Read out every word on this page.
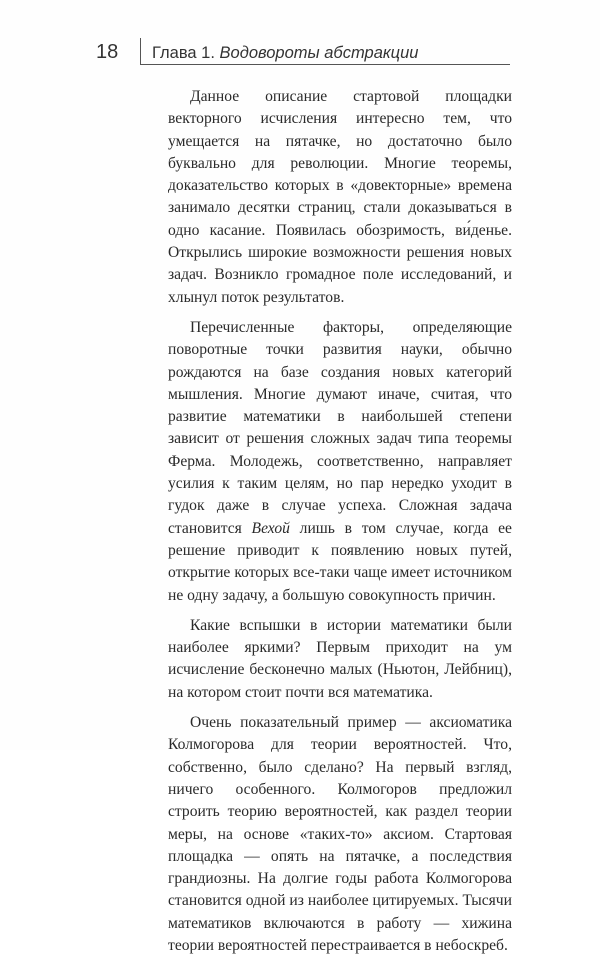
18 Глава 1. Водовороты абстракции

Данное описание стартовой площадки векторного исчисления интересно тем, что умещается на пятачке, но достаточно было буквально для революции. Многие теоремы, доказательство которых в «довекторные» времена занимало десятки страниц, стали доказываться в одно касание. Появилась обозримость, ви́денье. Открылись широкие возможности решения новых задач. Возникло громадное поле исследований, и хлынул поток результатов.

Перечисленные факторы, определяющие поворотные точки развития науки, обычно рождаются на базе создания новых категорий мышления. Многие думают иначе, считая, что развитие математики в наибольшей степени зависит от решения сложных задач типа теоремы Ферма. Молодежь, соответственно, направляет усилия к таким целям, но пар нередко уходит в гудок даже в случае успеха. Сложная задача становится Вехой лишь в том случае, когда ее решение приводит к появлению новых путей, открытие которых все-таки чаще имеет источником не одну задачу, а большую совокупность причин.

Какие вспышки в истории математики были наиболее яркими? Первым приходит на ум исчисление бесконечно малых (Ньютон, Лейбниц), на котором стоит почти вся математика.

Очень показательный пример — аксиоматика Колмогорова для теории вероятностей. Что, собственно, было сделано? На первый взгляд, ничего особенного. Колмогоров предложил строить теорию вероятностей, как раздел теории меры, на основе «таких-то» аксиом. Стартовая площадка — опять на пятачке, а последствия грандиозны. На долгие годы работа Колмогорова становится одной из наиболее цитируемых. Тысячи математиков включаются в работу — хижина теории вероятностей перестраивается в небоскреб.
